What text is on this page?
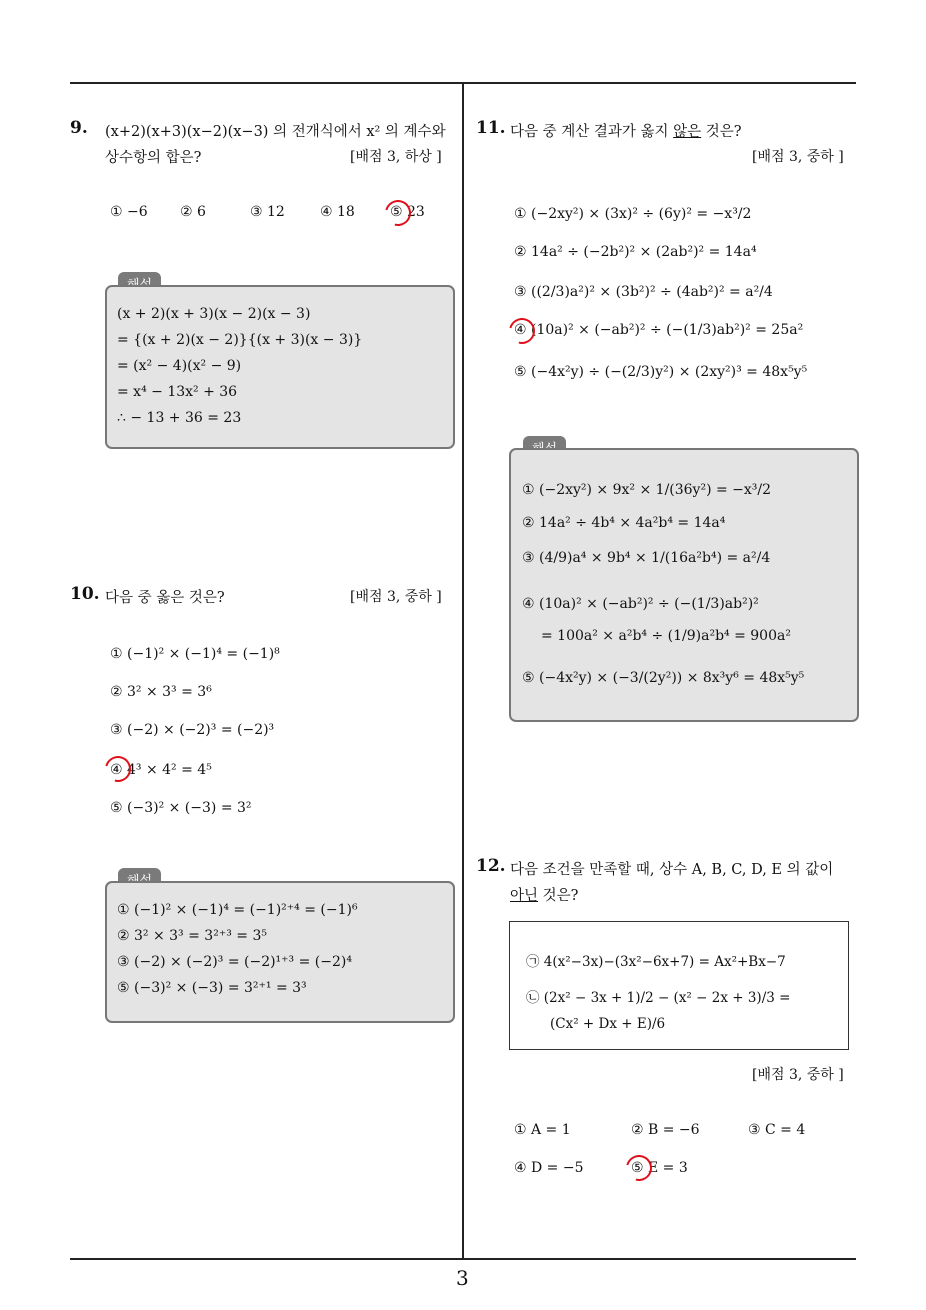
3
9. (x+2)(x+3)(x−2)(x−3) 의 전개식에서 x² 의 계수와
상수항의 합은?	[배점 3, 하상 ]
① −6 ② 6	③ 12	④ 18	⑤ 23
(x + 2)(x + 3)(x − 2)(x − 3)
= {(x + 2)(x − 2)}{(x + 3)(x − 3)}
= (x² − 4)(x² − 9)
= x⁴ − 13x² + 36
∴ − 13 + 36 = 23
10. 다음 중 옳은 것은?	[배점 3, 중하 ]
① (−1)² × (−1)⁴ = (−1)⁸
② 3² × 3³ = 3⁶
③ (−2) × (−2)³ = (−2)³
④ 4³ × 4² = 4⁵
⑤ (−3)² × (−3) = 3²
① (−1)² × (−1)⁴ = (−1)²⁺⁴ = (−1)⁶
② 3² × 3³ = 3²⁺³ = 3⁵
③ (−2) × (−2)³ = (−2)¹⁺³ = (−2)⁴
⑤ (−3)² × (−3) = 3²⁺¹ = 3³
11. 다음 중 계산 결과가 옳지 않은 것은?
[배점 3, 중하 ]
① (−2xy²) × (3x)² ÷ (6y)² = −x³/2
② 14a² ÷ (−2b²)² × (2ab²)² = 14a⁴
③ ((2/3)a²)² × (3b²)² ÷ (4ab²)² = a²/4
④ (10a)² × (−ab²)² ÷ (−(1/3)ab²)² = 25a²
⑤ (−4x²y) ÷ (−(2/3)y²) × (2xy²)³ = 48x⁵y⁵
① (−2xy²) × 9x² × 1/(36y²) = −x³/2
② 14a² ÷ 4b⁴ × 4a²b⁴ = 14a⁴
③ (4/9)a⁴ × 9b⁴ × 1/(16a²b⁴) = a²/4
④ (10a)² × (−ab²)² ÷ (−(1/3)ab²)²
= 100a² × a²b⁴ ÷ (1/9)a²b⁴ = 900a²
⑤ (−4x²y) × (−3/(2y²)) × 8x³y⁶ = 48x⁵y⁵
12. 다음 조건을 만족할 때, 상수 A, B, C, D, E 의 값이
아닌 것은?
㉠ 4(x²−3x)−(3x²−6x+7) = Ax²+Bx−7
㉡ (2x² − 3x + 1)/2 − (x² − 2x + 3)/3 =
(Cx² + Dx + E)/6
[배점 3, 중하 ]
① A = 1	② B = −6	③ C = 4
④ D = −5	⑤ E = 3
